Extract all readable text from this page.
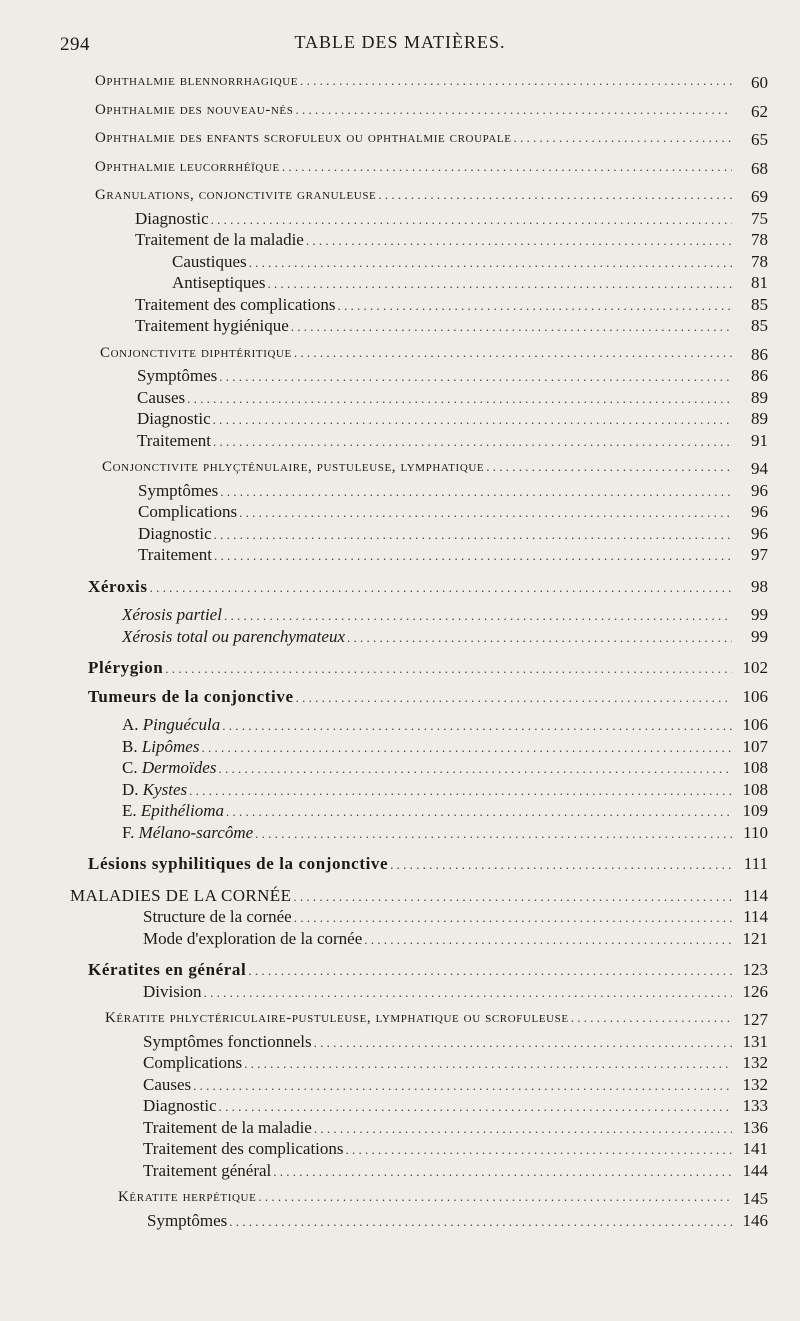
294	TABLE DES MATIÈRES.
Ophthalmie blennorrhagique . . .	60
Ophthalmie des nouveau-nés . . .	62
Ophthalmie des enfants scrofuleux ou ophthalmie croupale . . .	65
Ophthalmie leucorrhéïque . . .	68
Granulations, conjonctivite granuleuse . . .	69
Diagnostic . . .	75
Traitement de la maladie . . .	78
Caustiques . . .	78
Antiseptiques . . .	81
Traitement des complications . . .	85
Traitement hygiénique . . .	85
Conjonctivite diphtéritique . . .	86
Symptômes . . .	86
Causes . . .	89
Diagnostic . . .	89
Traitement . . .	91
Conjonctivite phlyçténulaire, pustuleuse, lymphatique . . .	94
Symptômes . . .	96
Complications . . .	96
Diagnostic . . .	96
Traitement . . .	97
Xéroxis . . .	98
Xérosis partiel . . .	99
Xérosis total ou parenchymateux . . .	99
Plérygion . . .	102
Tumeurs de la conjonctive . . .	106
A. Pinguécula . . .	106
B. Lipômes . . .	107
C. Dermoïdes . . .	108
D. Kystes . . .	108
E. Epithélioma . . .	109
F. Mélano-sarcôme . . .	110
Lésions syphilitiques de la conjonctive . . .	111
MALADIES DE LA CORNÉE . . .	114
Structure de la cornée . . .	114
Mode d'exploration de la cornée . . .	121
Kératites en général . . .	123
Division . . .	126
Kératite phlyctériculaire-pustuleuse, lymphatique ou scrofuleuse . . .	127
Symptômes fonctionnels . . .	131
Complications . . .	132
Causes . . .	132
Diagnostic . . .	133
Traitement de la maladie . . .	136
Traitement des complications . . .	141
Traitement général . . .	144
Kératite herpétique . . .	145
Symptômes . . .	146
